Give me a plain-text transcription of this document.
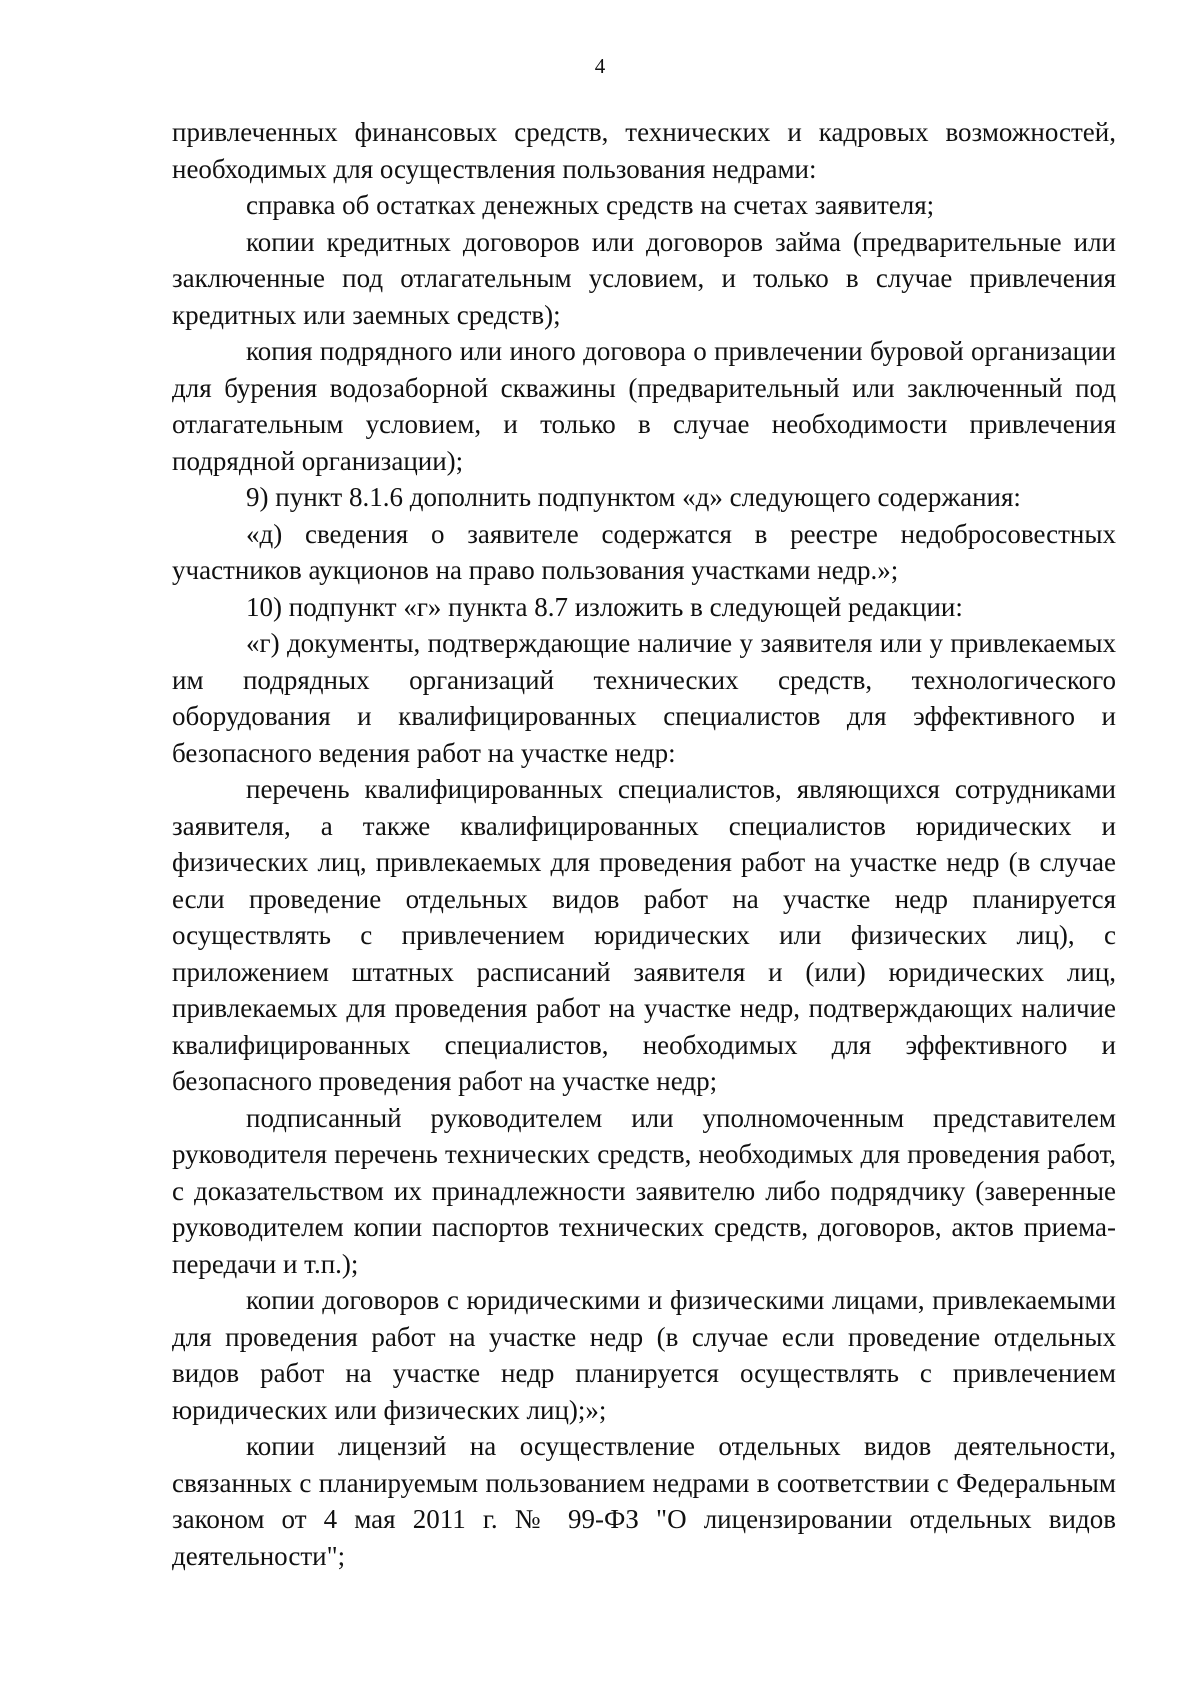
4

привлеченных финансовых средств, технических и кадровых возможностей, необходимых для осуществления пользования недрами:

справка об остатках денежных средств на счетах заявителя;

копии кредитных договоров или договоров займа (предварительные или заключенные под отлагательным условием, и только в случае привлечения кредитных или заемных средств);

копия подрядного или иного договора о привлечении буровой организации для бурения водозаборной скважины (предварительный или заключенный под отлагательным условием, и только в случае необходимости привлечения подрядной организации);

9) пункт 8.1.6 дополнить подпунктом «д» следующего содержания:

«д) сведения о заявителе содержатся в реестре недобросовестных участников аукционов на право пользования участками недр.»;

10) подпункт «г» пункта 8.7 изложить в следующей редакции:

«г) документы, подтверждающие наличие у заявителя или у привлекаемых им подрядных организаций технических средств, технологического оборудования и квалифицированных специалистов для эффективного и безопасного ведения работ на участке недр:

перечень квалифицированных специалистов, являющихся сотрудниками заявителя, а также квалифицированных специалистов юридических и физических лиц, привлекаемых для проведения работ на участке недр (в случае если проведение отдельных видов работ на участке недр планируется осуществлять с привлечением юридических или физических лиц), с приложением штатных расписаний заявителя и (или) юридических лиц, привлекаемых для проведения работ на участке недр, подтверждающих наличие квалифицированных специалистов, необходимых для эффективного и безопасного проведения работ на участке недр;

подписанный руководителем или уполномоченным представителем руководителя перечень технических средств, необходимых для проведения работ, с доказательством их принадлежности заявителю либо подрядчику (заверенные руководителем копии паспортов технических средств, договоров, актов приема-передачи и т.п.);

копии договоров с юридическими и физическими лицами, привлекаемыми для проведения работ на участке недр (в случае если проведение отдельных видов работ на участке недр планируется осуществлять с привлечением юридических или физических лиц);»;

копии лицензий на осуществление отдельных видов деятельности, связанных с планируемым пользованием недрами в соответствии с Федеральным законом от 4 мая 2011 г. № 99-ФЗ "О лицензировании отдельных видов деятельности";
